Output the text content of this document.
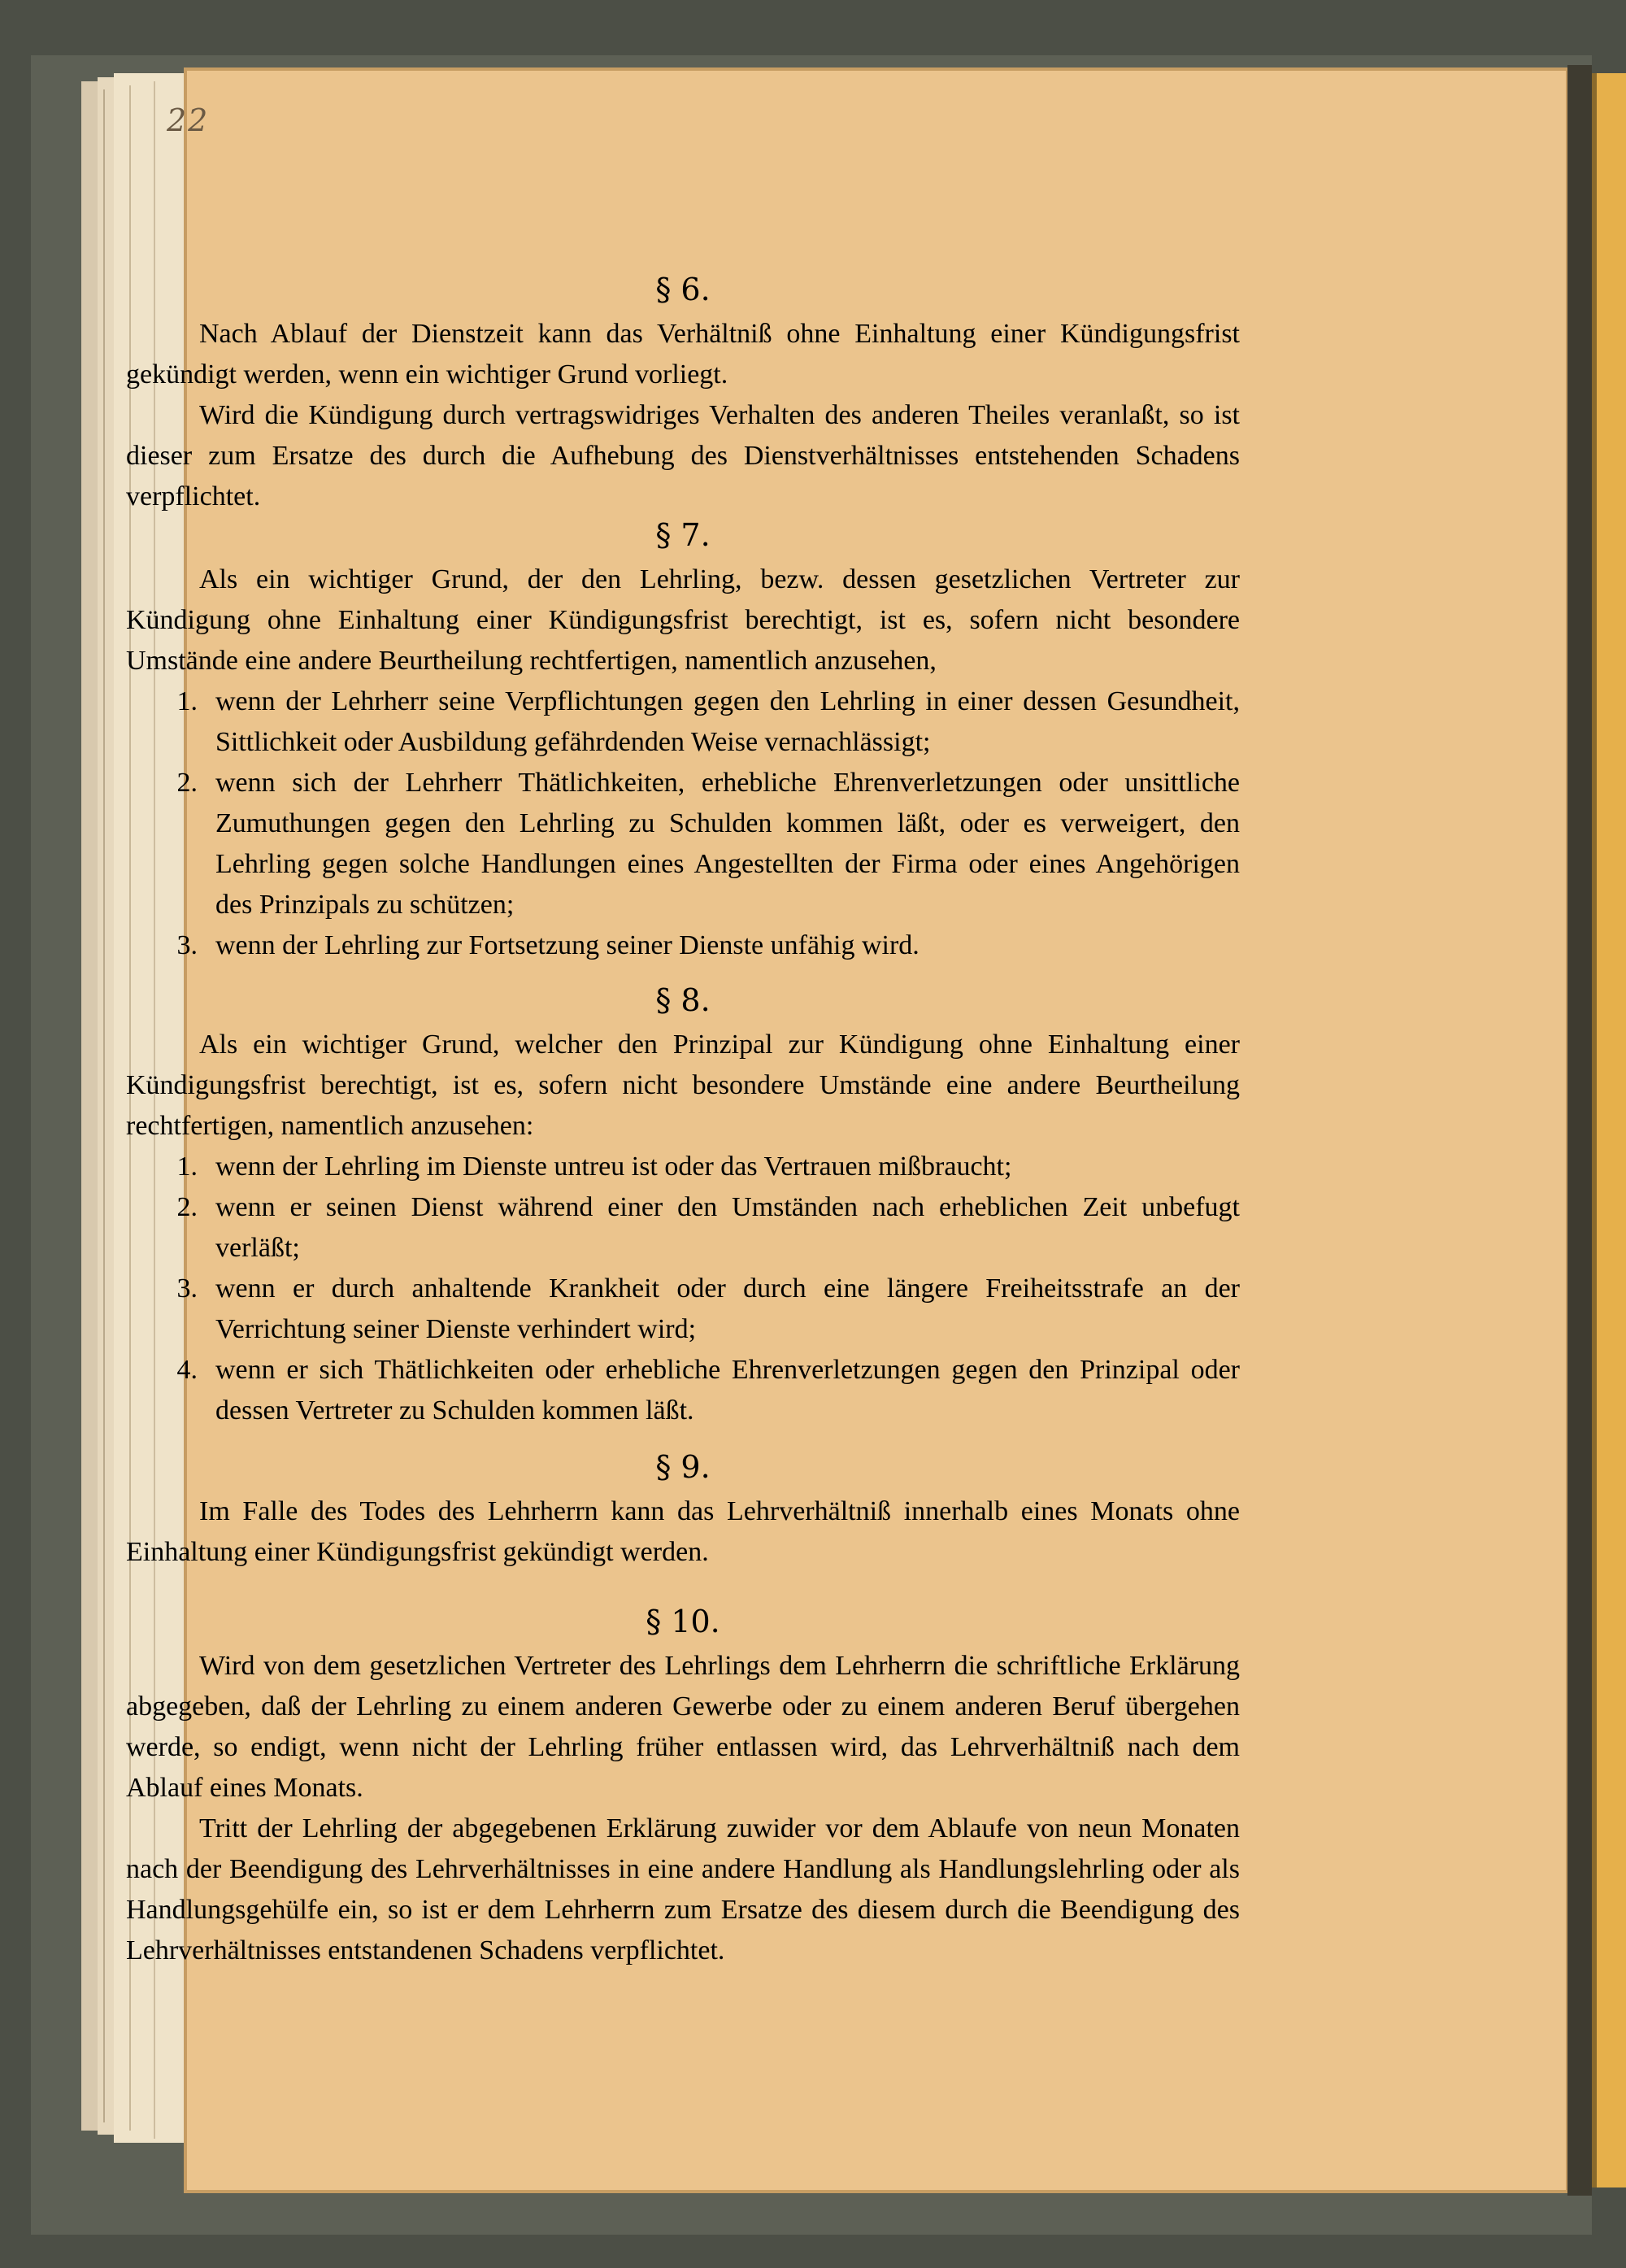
22
§ 6.

Nach Ablauf der Dienstzeit kann das Verhältniß ohne Einhaltung einer Kündigungsfrist gekündigt werden, wenn ein wichtiger Grund vorliegt.

Wird die Kündigung durch vertragswidriges Verhalten des anderen Theiles veranlaßt, so ist dieser zum Ersatze des durch die Aufhebung des Dienstverhältnisses entstehenden Schadens verpflichtet.

§ 7.

Als ein wichtiger Grund, der den Lehrling, bezw. dessen gesetzlichen Vertreter zur Kündigung ohne Einhaltung einer Kündigungsfrist berechtigt, ist es, sofern nicht besondere Umstände eine andere Beurtheilung rechtfertigen, namentlich anzusehen,

1. wenn der Lehrherr seine Verpflichtungen gegen den Lehrling in einer dessen Gesundheit, Sittlichkeit oder Ausbildung gefährdenden Weise vernachlässigt;
2. wenn sich der Lehrherr Thätlichkeiten, erhebliche Ehrenverletzungen oder unsittliche Zumuthungen gegen den Lehrling zu Schulden kommen läßt, oder es verweigert, den Lehrling gegen solche Handlungen eines Angestellten der Firma oder eines Angehörigen des Prinzipals zu schützen;
3. wenn der Lehrling zur Fortsetzung seiner Dienste unfähig wird.
§ 8.

Als ein wichtiger Grund, welcher den Prinzipal zur Kündigung ohne Einhaltung einer Kündigungsfrist berechtigt, ist es, sofern nicht besondere Umstände eine andere Beurtheilung rechtfertigen, namentlich anzusehen:

1. wenn der Lehrling im Dienste untreu ist oder das Vertrauen mißbraucht;
2. wenn er seinen Dienst während einer den Umständen nach erheblichen Zeit unbefugt verläßt;
3. wenn er durch anhaltende Krankheit oder durch eine längere Freiheitsstrafe an der Verrichtung seiner Dienste verhindert wird;
4. wenn er sich Thätlichkeiten oder erhebliche Ehrenverletzungen gegen den Prinzipal oder dessen Vertreter zu Schulden kommen läßt.
§ 9.

Im Falle des Todes des Lehrherrn kann das Lehrverhältniß innerhalb eines Monats ohne Einhaltung einer Kündigungsfrist gekündigt werden.

§ 10.

Wird von dem gesetzlichen Vertreter des Lehrlings dem Lehrherrn die schriftliche Erklärung abgegeben, daß der Lehrling zu einem anderen Gewerbe oder zu einem anderen Beruf übergehen werde, so endigt, wenn nicht der Lehrling früher entlassen wird, das Lehrverhältniß nach dem Ablauf eines Monats.

Tritt der Lehrling der abgegebenen Erklärung zuwider vor dem Ablaufe von neun Monaten nach der Beendigung des Lehrverhältnisses in eine andere Handlung als Handlungslehrling oder als Handlungsgehülfe ein, so ist er dem Lehrherrn zum Ersatze des diesem durch die Beendigung des Lehrverhältnisses entstandenen Schadens verpflichtet.
